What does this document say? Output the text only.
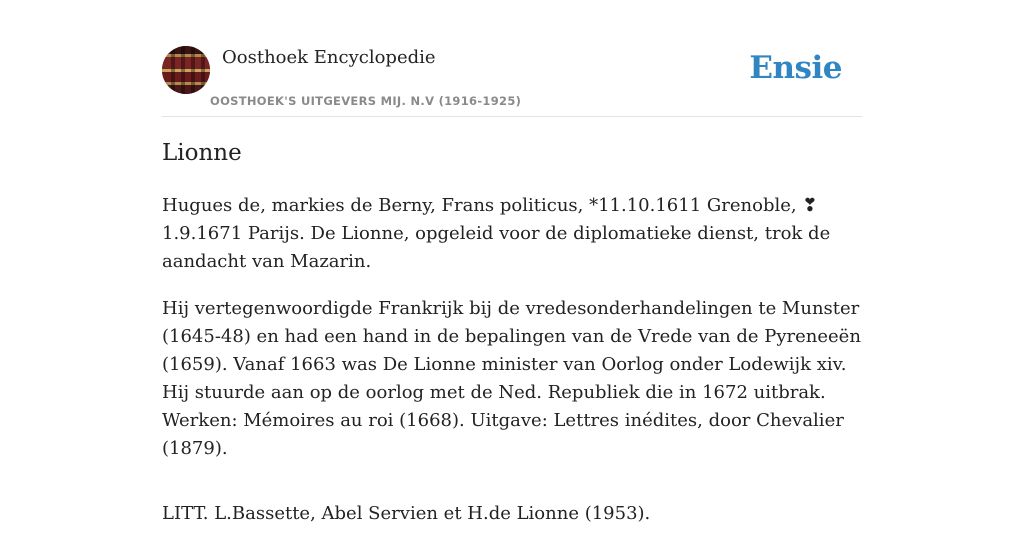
Oosthoek Encyclopedie
OOSTHOEK'S UITGEVERS MIJ. N.V (1916-1925)
Ensie
Lionne

Hugues de, markies de Berny, Frans politicus, *11.10.1611 Grenoble, ❣1.9.1671 Parijs. De Lionne, opgeleid voor de diplomatieke dienst, trok de aandacht van Mazarin.

Hij vertegenwoordigde Frankrijk bij de vredesonderhandelingen te Munster (1645-48) en had een hand in de bepalingen van de Vrede van de Pyreneeën (1659). Vanaf 1663 was De Lionne minister van Oorlog onder Lodewijk xiv. Hij stuurde aan op de oorlog met de Ned. Republiek die in 1672 uitbrak. Werken: Mémoires au roi (1668). Uitgave: Lettres inédites, door Chevalier (1879).

LITT. L.Bassette, Abel Servien et H.de Lionne (1953).
